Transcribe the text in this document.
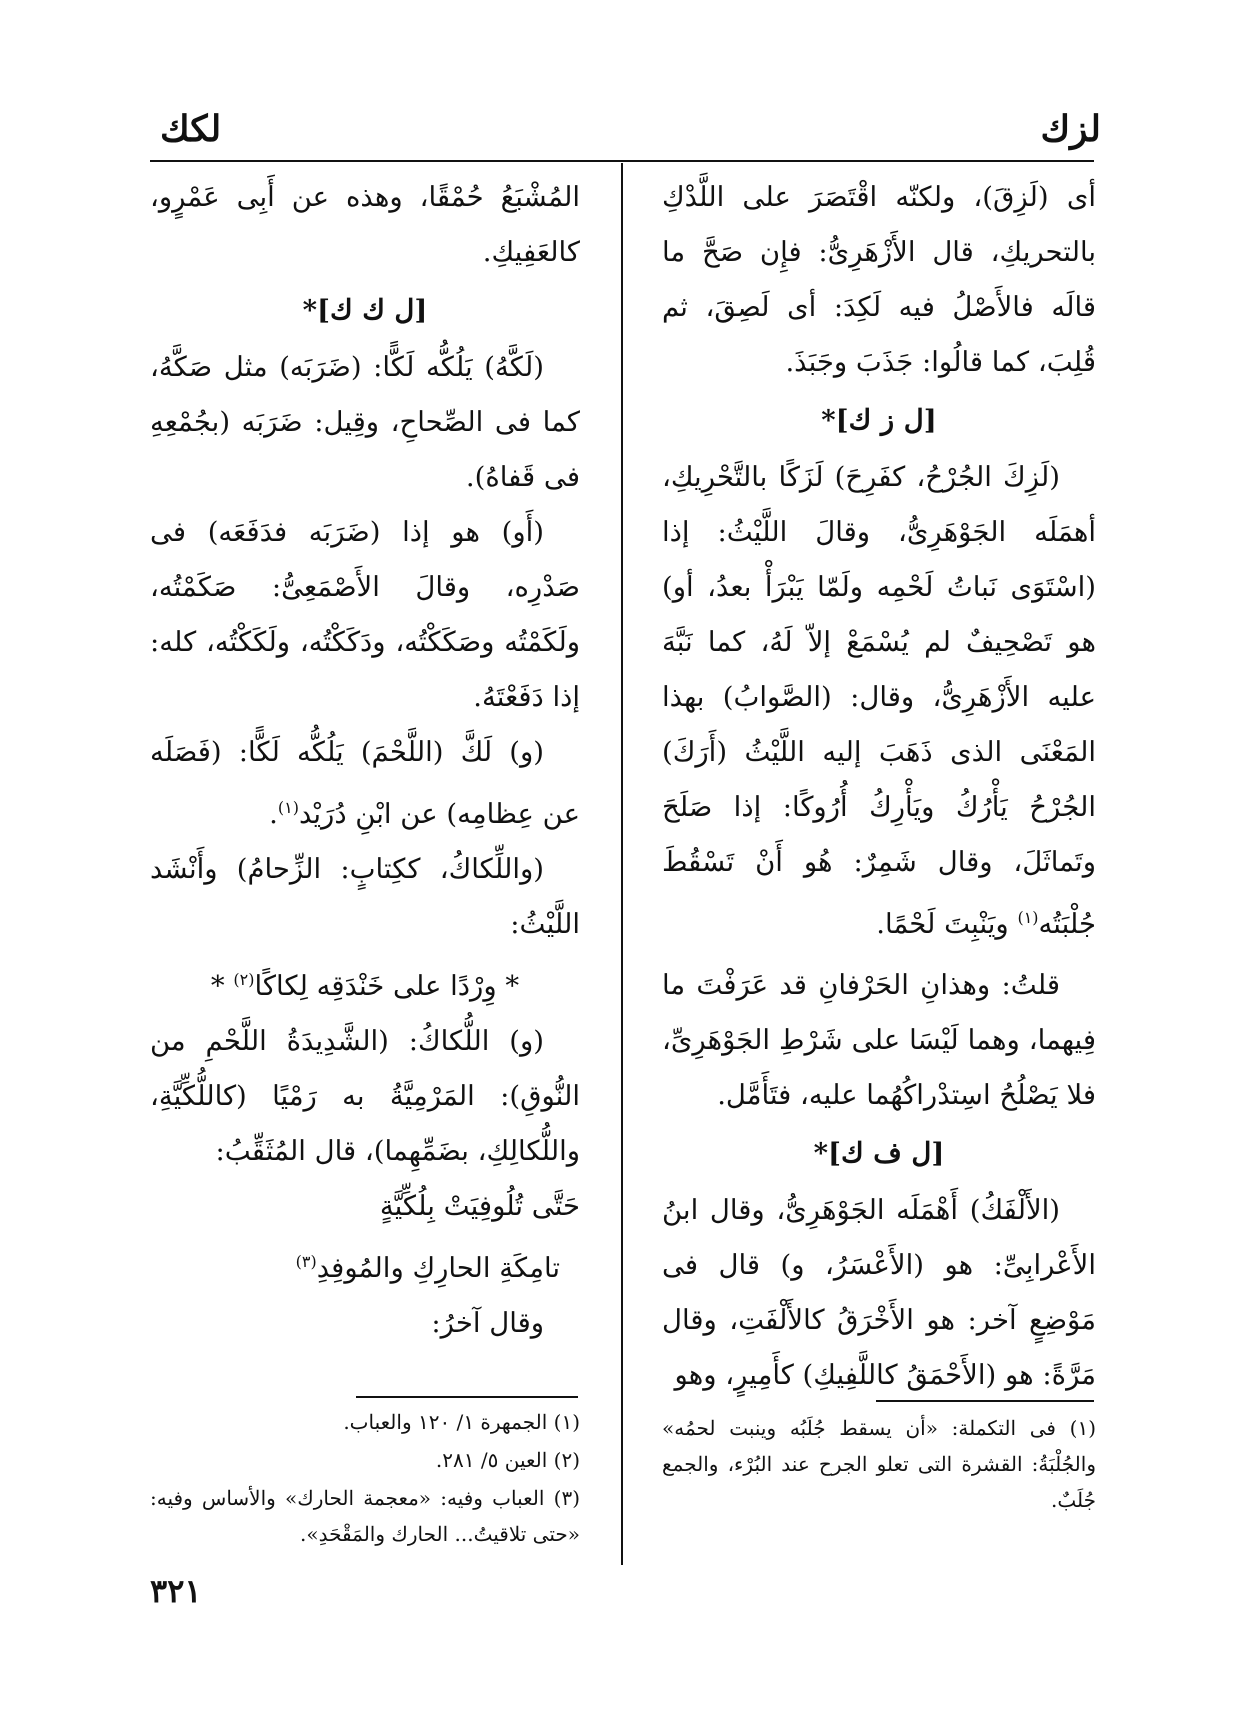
لزك
لكك

أى (لَزِقَ)، ولكنّه اقْتَصَرَ على اللَّدْكِ بالتحريكِ، قال الأَزْهَرِىُّ: فإِن صَحَّ ما قالَه فالأَصْلُ فيه لَكِدَ: أى لَصِقَ، ثم قُلِبَ، كما قالُوا: جَذَبَ وجَبَذَ.

[ل ز ك]*

(لَزِكَ الجُرْحُ، كفَرِحَ) لَزَكًا بالتَّحْرِيكِ، أهمَلَه الجَوْهَرِىُّ، وقالَ اللَّيْثُ: إذا (اسْتَوَى نَباتُ لَحْمِه ولَمّا يَبْرَأْ بعدُ، أو) هو تَصْحِيفٌ لم يُسْمَعْ إلاّ لَهُ، كما نَبَّهَ عليه الأَزْهَرِىُّ، وقال: (الصَّوابُ) بهذا المَعْنَى الذى ذَهَبَ إليه اللَّيْثُ (أَرَكَ) الجُرْحُ يَأْرُكُ ويَأْرِكُ أُرُوكًا: إذا صَلَحَ وتَماثَلَ، وقال شَمِرٌ: هُو أَنْ تَسْقُطَ جُلْبَتُه$^{(١)}$ ويَنْبِتَ لَحْمًا.

قلتُ: وهذانِ الحَرْفانِ قد عَرَفْتَ ما فِيهما، وهما لَيْسَا على شَرْطِ الجَوْهَرِىِّ، فلا يَصْلُحُ اسِتدْراكُهُما عليه، فتَأَمَّل.

[ل ف ك]*

(الأَلْفَكُ) أَهْمَلَه الجَوْهَرِىُّ، وقال ابنُ الأَعْرابِىِّ: هو (الأَعْسَرُ، و) قال فى مَوْضِعٍ آخر: هو الأَخْرَقُ كالأَلْفَتِ، وقال مَرَّةً: هو (الأَحْمَقُ كاللَّفِيكِ) كأَمِيرٍ، وهو

(١) فى التكملة: «أن يسقط جُلَبُه وينبت لحمُه» والجُلْبَةُ: القشرة التى تعلو الجرح عند البُرْء، والجمع جُلَبٌ.

المُشْبَعُ حُمْقًا، وهذه عن أَبِى عَمْرٍو، كالعَفِيكِ.

[ل ك ك]*

(لَكَّهُ) يَلُكُّه لَكًّا: (ضَرَبَه) مثل صَكَّهُ، كما فى الصِّحاحِ، وقِيل: ضَرَبَه (بجُمْعِهِ فى قَفاهُ).

(أَو) هو إذا (ضَرَبَه فدَفَعَه) فى صَدْرِه، وقالَ الأَصْمَعِىُّ: صَكَمْتُه، ولَكَمْتُه وصَكَكْتُه، ودَكَكْتُه، ولَكَكْتُه، كله: إذا دَفَعْتَهُ.

(و) لَكَّ (اللَّحْمَ) يَلُكُّه لَكًّا: (فَصَلَه عن عِظامِه) عن ابْنِ دُرَيْد$^{(١)}$.

(واللِّكاكُ، ككِتابٍ: الزِّحامُ) وأَنْشَد اللَّيْثُ:

* وِرْدًا على خَنْدَقِه لِكاكًا$^{(٢)}$ *

(و) اللُّكاكُ: (الشَّدِيدَةُ اللَّحْمِ من النُّوقِ): المَرْمِيَّةُ به رَمْيًا (كاللُّكِّيَّةِ، واللُّكالِكِ، بضَمِّهِما)، قال المُثَقِّبُ:

حَتَّى تُلُوفِيَتْ بِلُكِّيَّةٍ

تامِكَةِ الحارِكِ والمُوفِدِ$^{(٣)}$

وقال آخرُ:

(١) الجمهرة ١/ ١٢٠ والعباب.

(٢) العين ٥/ ٢٨١.

(٣) العباب وفيه: «معجمة الحارك» والأساس وفيه: «حتى تلاقيتُ... الحارك والمَقْحَدِ».

٣٢١
